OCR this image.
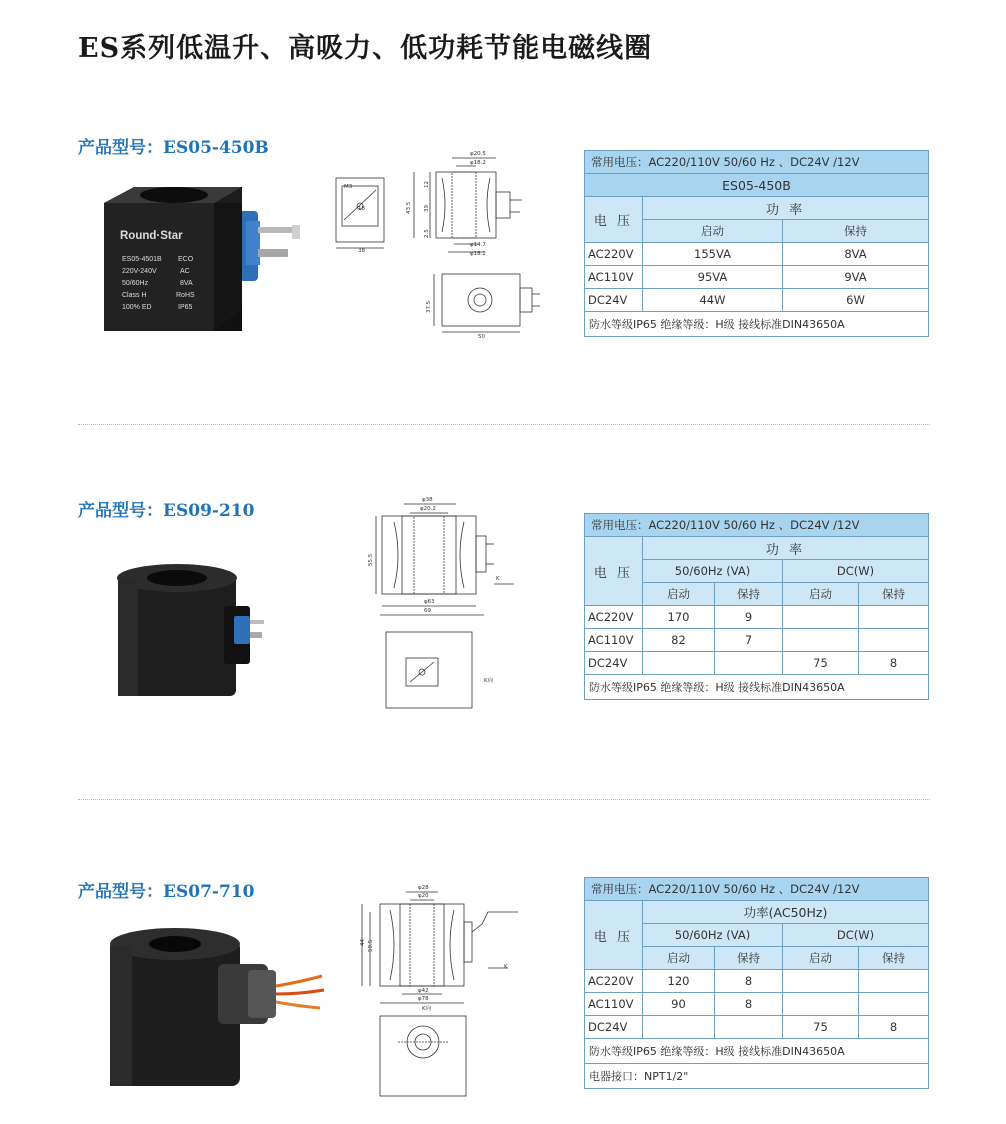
ES系列低温升、高吸力、低功耗节能电磁线圈
产品型号：ES05-450B
Round·Star
ES05-4501B ECO
220V-240V	AC
50/60Hz	8VA
Class H	RoHS
100% ED	IP65
φ20.5
φ18.2
φ14.7
φ18.2
38
50
M3
18	43.5 39
12
2.5
37.5
常用电压：AC220/110V 50/60 Hz 、DC24V /12V		
ES05-450B		
电 压	功 率	
	启动	保持
AC220V	155VA	8VA
AC110V	95VA	9VA
DC24V	44W	6W
防水等级IP65 绝缘等级：H级 接线标准DIN43650A		
产品型号：ES09-210
φ38
φ20.2
φ63
69
K
K向
55.5
常用电压：AC220/110V 50/60 Hz 、DC24V /12V				
电 压	功 率			
	50/60Hz (VA)		DC(W)	
	启动	保持	启动	保持
AC220V	170	9		
AC110V	82	7		
DC24V			75	8
防水等级IP65 绝缘等级：H级 接线标准DIN43650A				
产品型号：ES07-710	φ28
φ20
φ42
φ78
K
K向
44 59.5
常用电压：AC220/110V 50/60 Hz 、DC24V /12V				
电 压	功率(AC50Hz)			
	50/60Hz (VA)		DC(W)	
	启动	保持	启动	保持
AC220V	120	8		
AC110V	90	8		
DC24V			75	8
防水等级IP65 绝缘等级：H级 接线标准DIN43650A				
电器接口：NPT1/2"				
